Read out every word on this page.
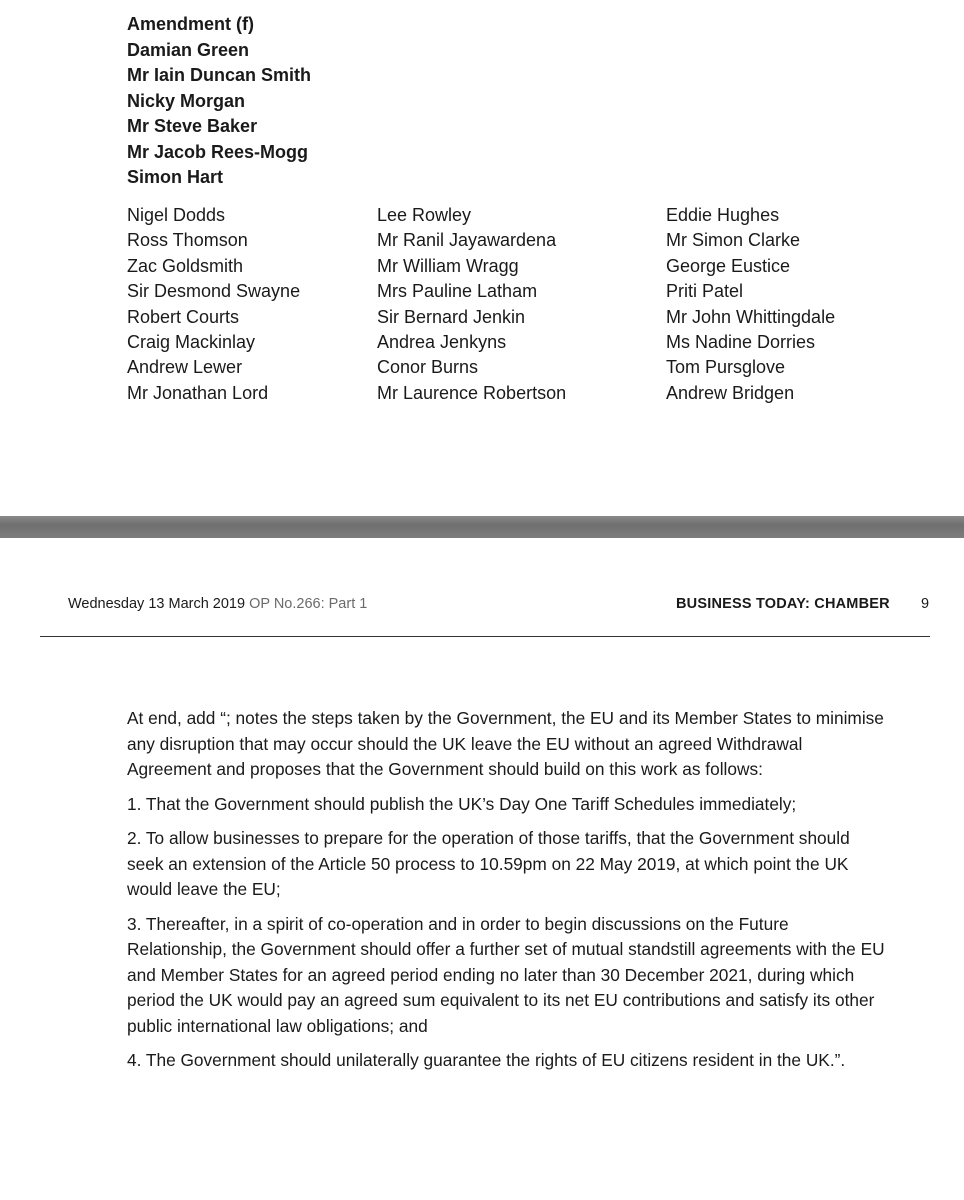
Amendment (f)
Damian Green
Mr Iain Duncan Smith
Nicky Morgan
Mr Steve Baker
Mr Jacob Rees-Mogg
Simon Hart
Nigel Dodds
Ross Thomson
Zac Goldsmith
Sir Desmond Swayne
Robert Courts
Craig Mackinlay
Andrew Lewer
Mr Jonathan Lord
Lee Rowley
Mr Ranil Jayawardena
Mr William Wragg
Mrs Pauline Latham
Sir Bernard Jenkin
Andrea Jenkyns
Conor Burns
Mr Laurence Robertson
Eddie Hughes
Mr Simon Clarke
George Eustice
Priti Patel
Mr John Whittingdale
Ms Nadine Dorries
Tom Pursglove
Andrew Bridgen
Wednesday 13 March 2019 OP No.266: Part 1	BUSINESS TODAY: CHAMBER 9

At end, add “; notes the steps taken by the Government, the EU and its Member States to minimise any disruption that may occur should the UK leave the EU without an agreed Withdrawal Agreement and proposes that the Government should build on this work as follows:

1. That the Government should publish the UK’s Day One Tariff Schedules immediately;

2. To allow businesses to prepare for the operation of those tariffs, that the Government should seek an extension of the Article 50 process to 10.59pm on 22 May 2019, at which point the UK would leave the EU;

3. Thereafter, in a spirit of co-operation and in order to begin discussions on the Future Relationship, the Government should offer a further set of mutual standstill agreements with the EU and Member States for an agreed period ending no later than 30 December 2021, during which period the UK would pay an agreed sum equivalent to its net EU contributions and satisfy its other public international law obligations; and

4. The Government should unilaterally guarantee the rights of EU citizens resident in the UK.”.
